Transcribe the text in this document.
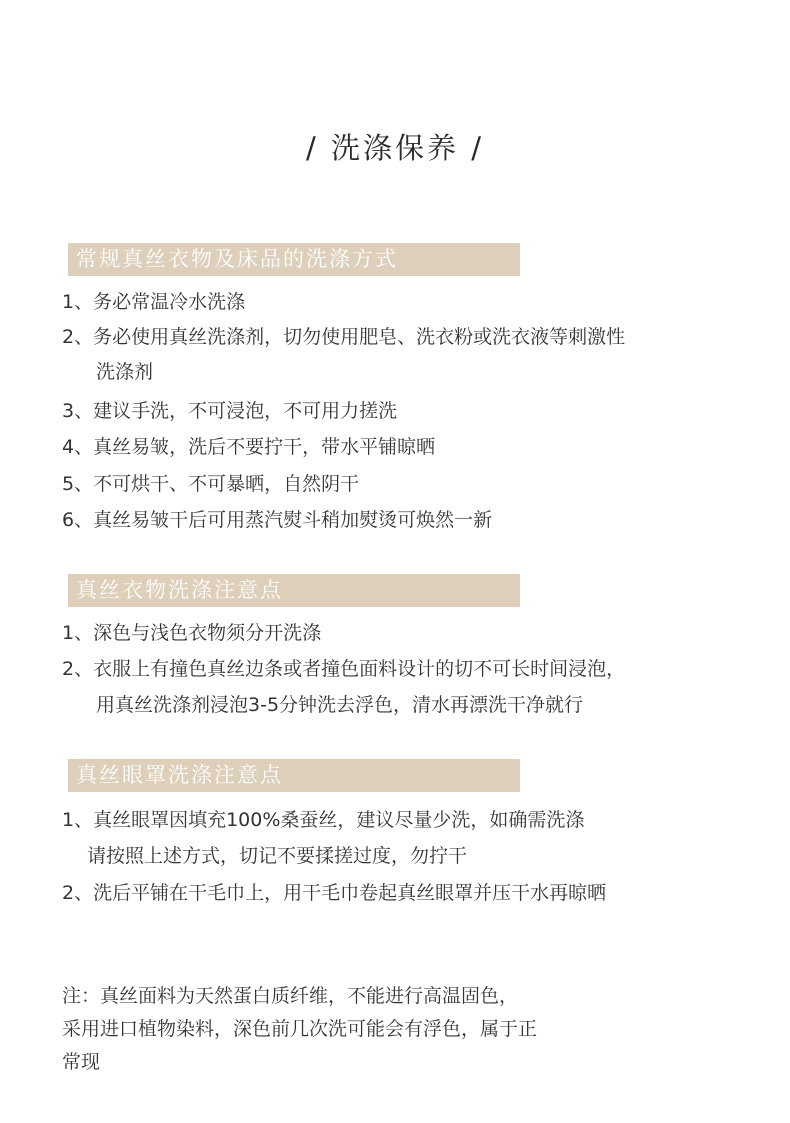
/ 洗涤保养 /
常规真丝衣物及床品的洗涤方式
1、务必常温冷水洗涤
2、务必使用真丝洗涤剂，切勿使用肥皂、洗衣粉或洗衣液等刺激性
洗涤剂
3、建议手洗，不可浸泡，不可用力搓洗
4、真丝易皱，洗后不要拧干，带水平铺晾晒
5、不可烘干、不可暴晒，自然阴干
6、真丝易皱干后可用蒸汽熨斗稍加熨烫可焕然一新
真丝衣物洗涤注意点
1、深色与浅色衣物须分开洗涤
2、衣服上有撞色真丝边条或者撞色面料设计的切不可长时间浸泡，
用真丝洗涤剂浸泡3-5分钟洗去浮色，清水再漂洗干净就行
真丝眼罩洗涤注意点
1、真丝眼罩因填充100%桑蚕丝，建议尽量少洗，如确需洗涤
请按照上述方式，切记不要揉搓过度，勿拧干
2、洗后平铺在干毛巾上，用干毛巾卷起真丝眼罩并压干水再晾晒
注：真丝面料为天然蛋白质纤维，不能进行高温固色，
采用进口植物染料，深色前几次洗可能会有浮色，属于正
常现
